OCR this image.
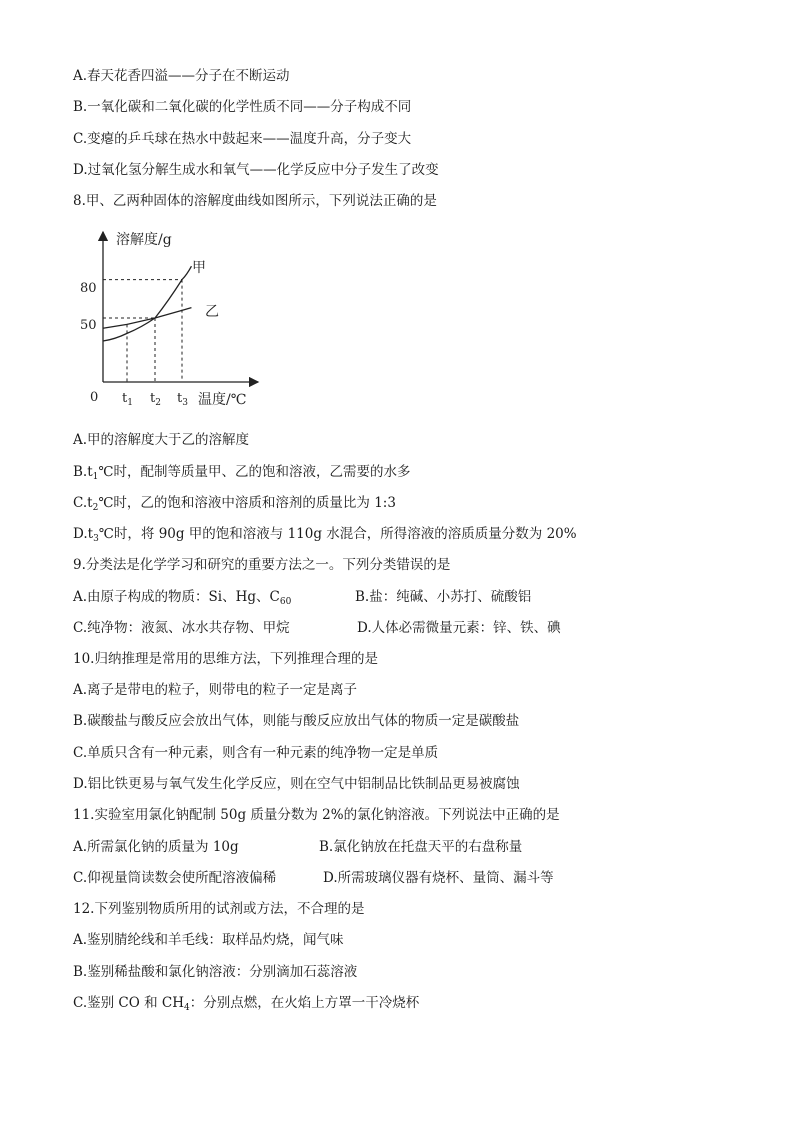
A.春天花香四溢——分子在不断运动
B.一氧化碳和二氧化碳的化学性质不同——分子构成不同
C.变瘪的乒乓球在热水中鼓起来——温度升高，分子变大
D.过氧化氢分解生成水和氧气——化学反应中分子发生了改变
8.甲、乙两种固体的溶解度曲线如图所示，下列说法正确的是
溶解度/g
温度/℃
0
80
50
$t_1$ $t_2$ $t_3$
甲
乙
A.甲的溶解度大于乙的溶解度
$B.t_1℃$时，配制等质量甲、乙的饱和溶液，乙需要的水多
$C.t_2℃$时，乙的饱和溶液中溶质和溶剂的质量比为 1:3
$D.t_3℃$时，将 90g 甲的饱和溶液与 110g 水混合，所得溶液的溶质质量分数为 20%
9.分类法是化学学习和研究的重要方法之一。下列分类错误的是
A.由原子构成的物质：Si、Hg、$C_{60}$	B.盐：纯碱、小苏打、硫酸铝
C.纯净物：液氮、冰水共存物、甲烷	D.人体必需微量元素：锌、铁、碘
10.归纳推理是常用的思维方法，下列推理合理的是
A.离子是带电的粒子，则带电的粒子一定是离子
B.碳酸盐与酸反应会放出气体，则能与酸反应放出气体的物质一定是碳酸盐
C.单质只含有一种元素，则含有一种元素的纯净物一定是单质
D.铝比铁更易与氧气发生化学反应，则在空气中铝制品比铁制品更易被腐蚀
11.实验室用氯化钠配制 50g 质量分数为 2%的氯化钠溶液。下列说法中正确的是
A.所需氯化钠的质量为 10g	B.氯化钠放在托盘天平的右盘称量
C.仰视量筒读数会使所配溶液偏稀	D.所需玻璃仪器有烧杯、量筒、漏斗等
12.下列鉴别物质所用的试剂或方法，不合理的是
A.鉴别腈纶线和羊毛线：取样品灼烧，闻气味
B.鉴别稀盐酸和氯化钠溶液：分别滴加石蕊溶液
C.鉴别 CO 和 $CH_4$：分别点燃，在火焰上方罩一干冷烧杯
